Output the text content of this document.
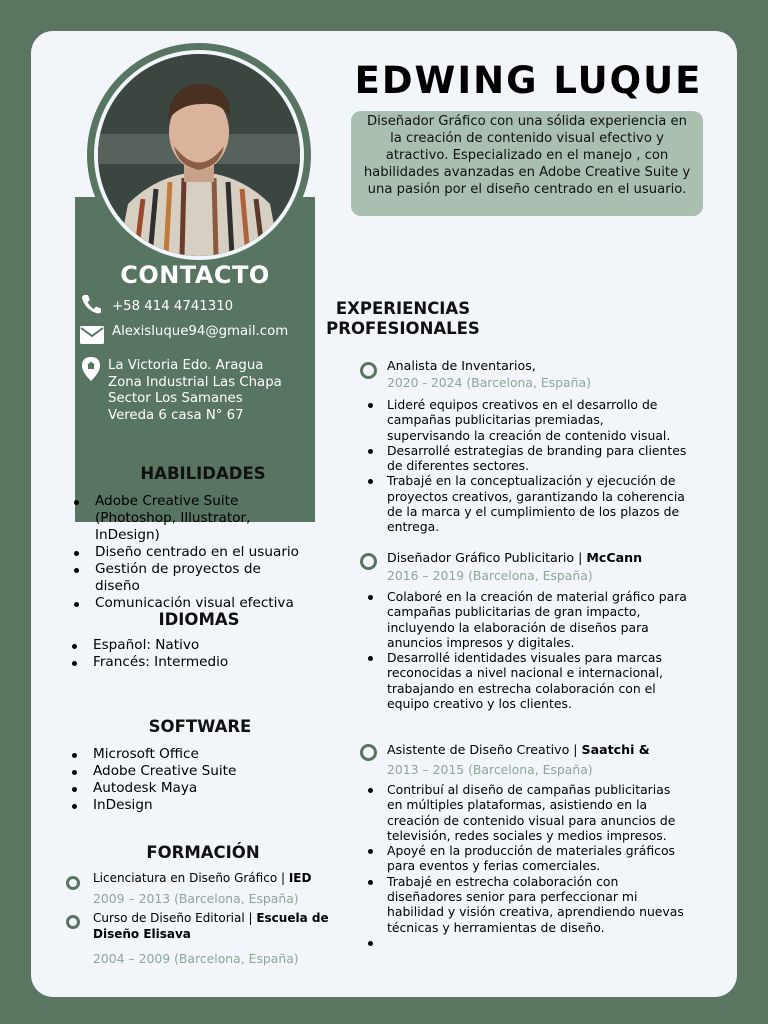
EDWING LUQUE
Diseñador Gráfico con una sólida experiencia en la creación de contenido visual efectivo y atractivo. Especializado en el manejo , con habilidades avanzadas en Adobe Creative Suite y una pasión por el diseño centrado en el usuario.
CONTACTO
+58 414 4741310
Alexisluque94@gmail.com
La Victoria Edo. Aragua Zona Industrial Las Chapa Sector Los Samanes Vereda 6 casa N° 67
HABILIDADES
Adobe Creative Suite (Photoshop, Illustrator, InDesign)
Diseño centrado en el usuario
Gestión de proyectos de diseño
Comunicación visual efectiva
IDIOMAS
Español: Nativo
Francés: Intermedio
SOFTWARE
Microsoft Office
Adobe Creative Suite
Autodesk Maya
InDesign
FORMACIÓN
Licenciatura en Diseño Gráfico | IED
2009 – 2013 (Barcelona, España)
Curso de Diseño Editorial | Escuela de Diseño Elisava
2004 – 2009 (Barcelona, España)
EXPERIENCIAS PROFESIONALES
Analista de Inventarios,
2020 - 2024 (Barcelona, España)
Lideré equipos creativos en el desarrollo de campañas publicitarias premiadas, supervisando la creación de contenido visual.
Desarrollé estrategias de branding para clientes de diferentes sectores.
Trabajé en la conceptualización y ejecución de proyectos creativos, garantizando la coherencia de la marca y el cumplimiento de los plazos de entrega.
Diseñador Gráfico Publicitario | McCann
2016 – 2019 (Barcelona, España)
Colaboré en la creación de material gráfico para campañas publicitarias de gran impacto, incluyendo la elaboración de diseños para anuncios impresos y digitales.
Desarrollé identidades visuales para marcas reconocidas a nivel nacional e internacional, trabajando en estrecha colaboración con el equipo creativo y los clientes.
Asistente de Diseño Creativo | Saatchi &
2013 – 2015 (Barcelona, España)
Contribuí al diseño de campañas publicitarias en múltiples plataformas, asistiendo en la creación de contenido visual para anuncios de televisión, redes sociales y medios impresos.
Apoyé en la producción de materiales gráficos para eventos y ferias comerciales.
Trabajé en estrecha colaboración con diseñadores senior para perfeccionar mi habilidad y visión creativa, aprendiendo nuevas técnicas y herramientas de diseño.
